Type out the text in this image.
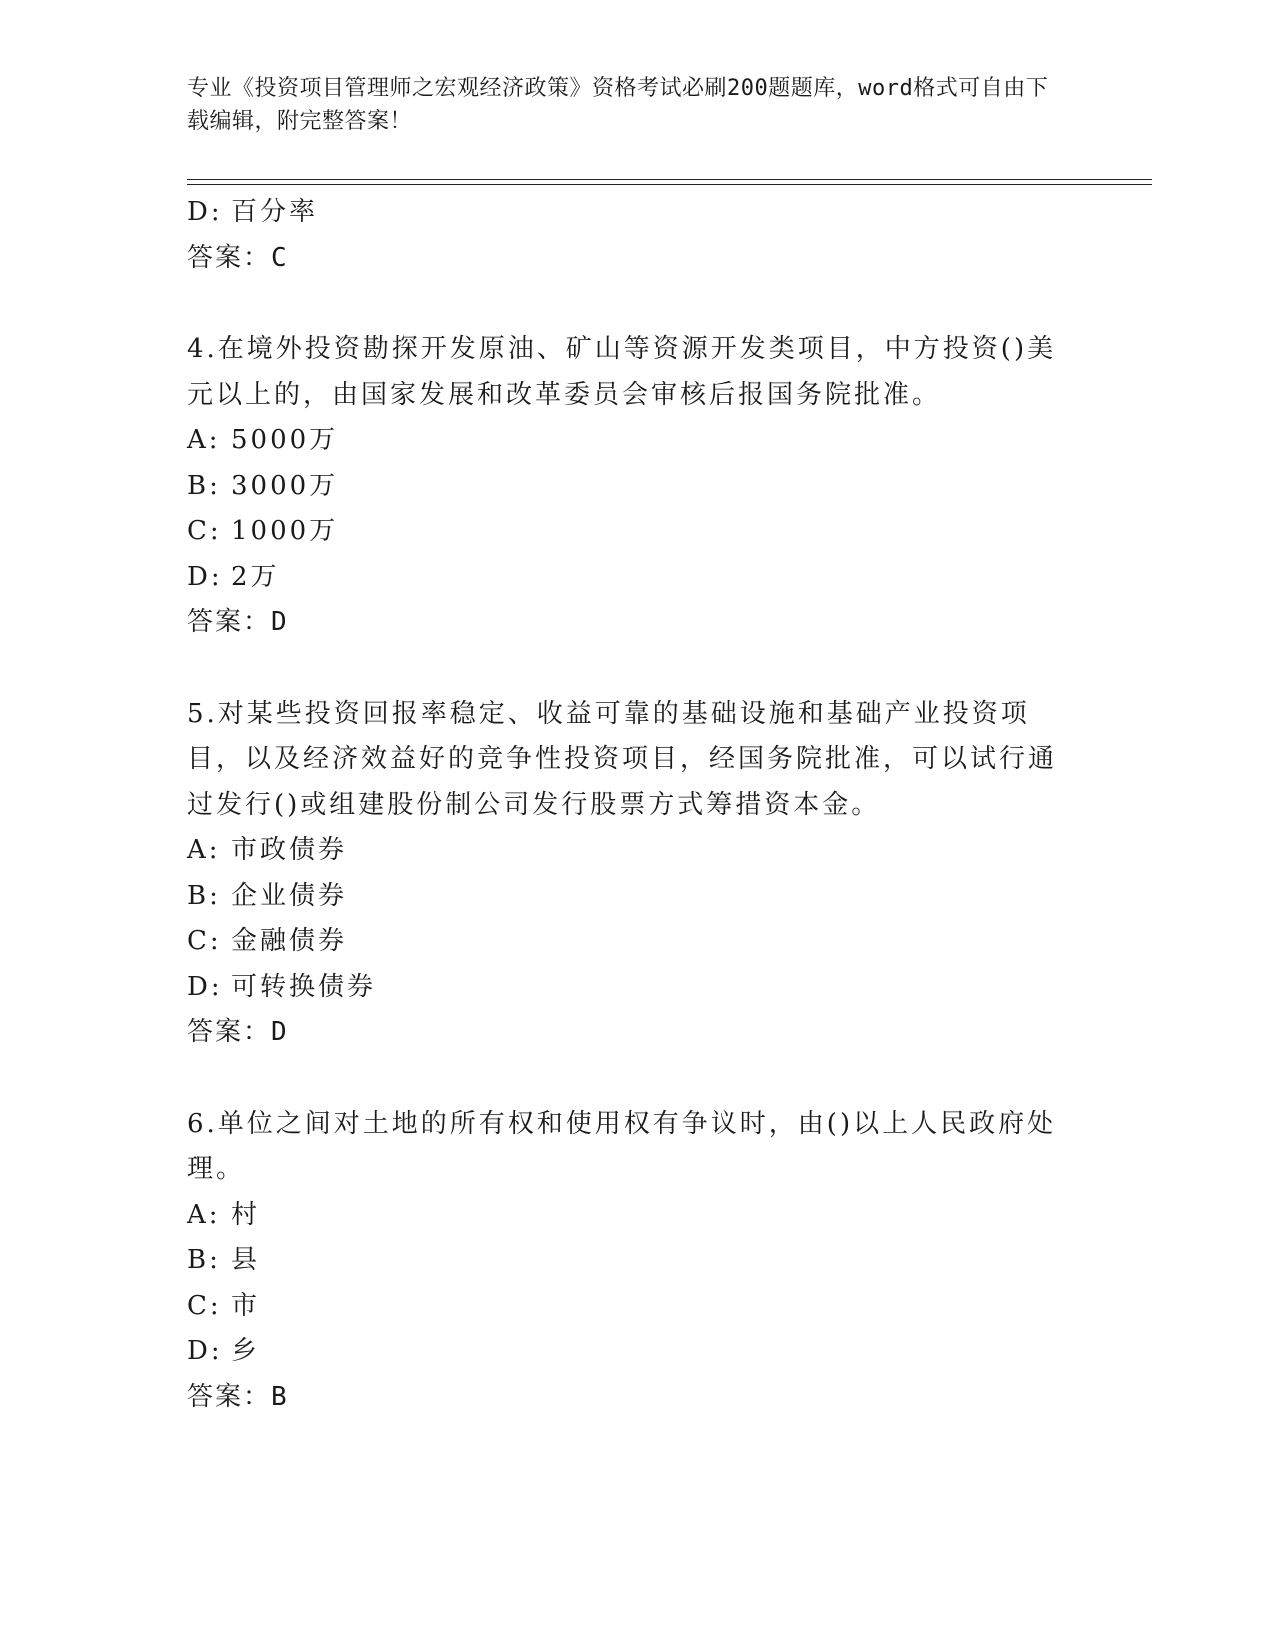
专业《投资项目管理师之宏观经济政策》资格考试必刷200题题库，word格式可自由下载编辑，附完整答案！
D: 百分率
答案：C
4.在境外投资勘探开发原油、矿山等资源开发类项目，中方投资()美元以上的，由国家发展和改革委员会审核后报国务院批准。
A: 5000万
B: 3000万
C: 1000万
D: 2万
答案：D
5.对某些投资回报率稳定、收益可靠的基础设施和基础产业投资项目，以及经济效益好的竞争性投资项目，经国务院批准，可以试行通过发行()或组建股份制公司发行股票方式筹措资本金。
A: 市政债券
B: 企业债券
C: 金融债券
D: 可转换债券
答案：D
6.单位之间对土地的所有权和使用权有争议时，由()以上人民政府处理。
A: 村
B: 县
C: 市
D: 乡
答案：B
